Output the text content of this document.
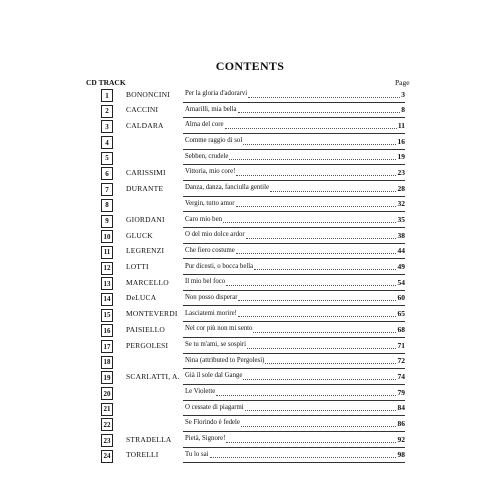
CONTENTS
CD TRACK	Page
1	BONONCINI Per la gloria d'adorarvi	3
2	CACCINI	Amarilli, mia bella	8
3	CALDARA	Alma del core	11
4	Comme raggio di sol	16
5	Sebben, crudele	19
6	CARISSIMI	Vittoria, mio core!	23
7	DURANTE	Danza, danza, fanciulla gentile	28
8	Vergin, tutto amor	32
9	GIORDANI	Caro mio ben	35
10	GLUCK	O del mio dolce ardor	38
11	LEGRENZI	Che fiero costume	44
12	LOTTI	Pur dicesti, o bocca bella	49
13	MARCELLO Il mio bel foco	54
14	DeLUCA	Non posso disperar	60
15	MONTEVERDI Lasciatemi morire!	65
16	PAISIELLO	Nel cor più non mi sento	68
17	PERGOLESI Se tu m'ami, se sospiri	71
18	Nina (attributed to Pergolesi)	72
19	SCARLATTI, A. Già il sole dal Gange	74
20	Le Violette	79
21	O cessate di piagarmi	84
22	Se Florindo è fedele	86
23	STRADELLA Pietà, Signore!	92
24	TORELLI	Tu lo sai	98
